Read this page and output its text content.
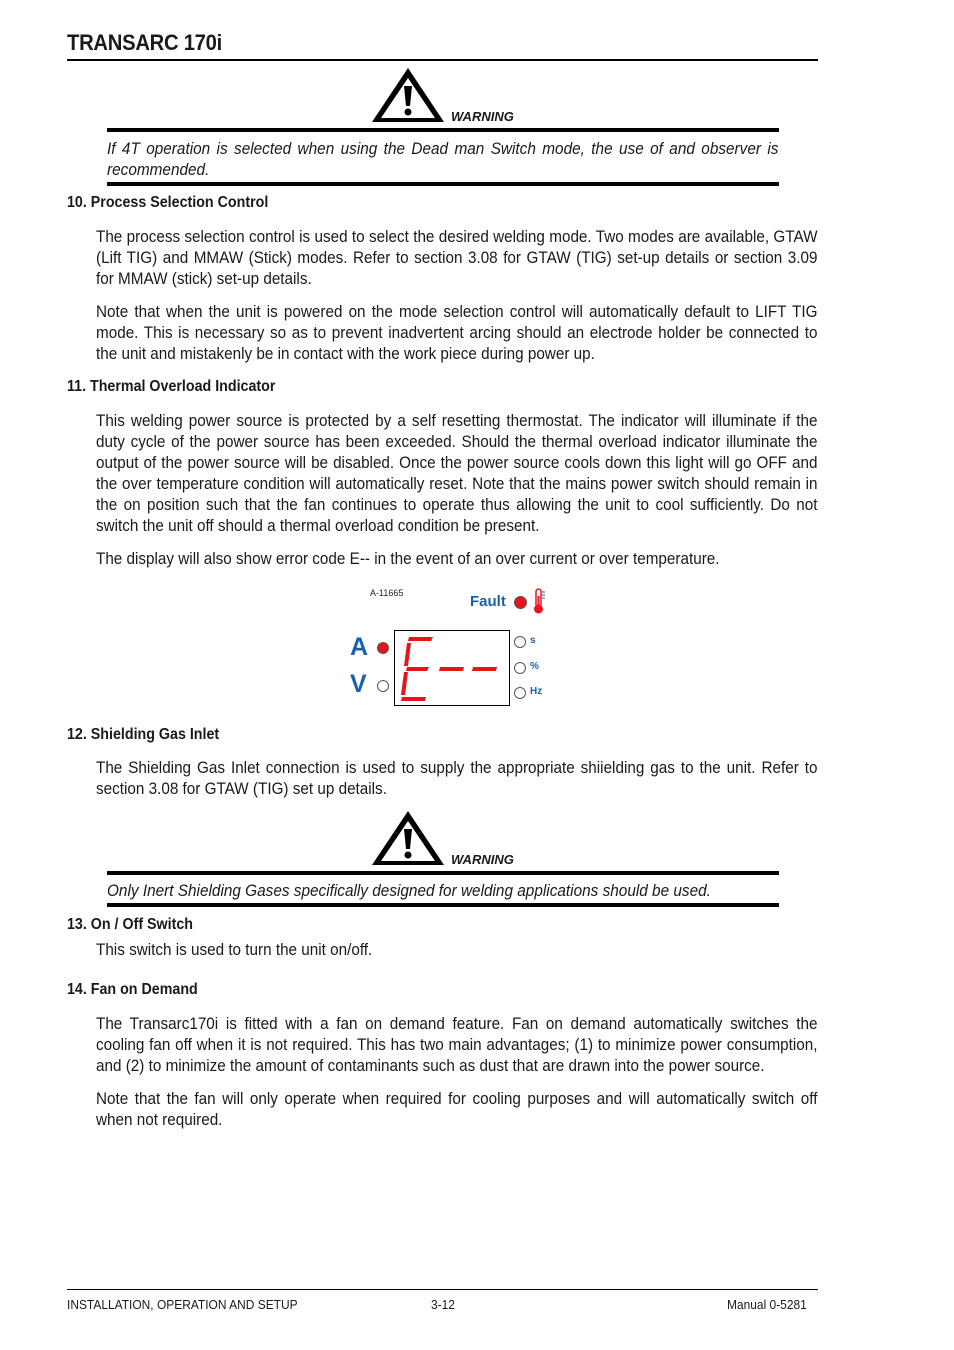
TRANSARC 170i
WARNING
If 4T operation is selected when using the Dead man Switch mode, the use of and observer is recommended.
10. Process Selection Control
The process selection control is used to select the desired welding mode. Two modes are available, GTAW (Lift TIG) and MMAW (Stick) modes. Refer to section 3.08 for GTAW (TIG) set-up details or section 3.09 for MMAW (stick) set-up details.
Note that when the unit is powered on the mode selection control will automatically default to LIFT TIG mode. This is necessary so as to prevent inadvertent arcing should an electrode holder be connected to the unit and mistakenly be in contact with the work piece during power up.
11. Thermal Overload Indicator
This welding power source is protected by a self resetting thermostat. The indicator will illuminate if the duty cycle of the power source has been exceeded. Should the thermal overload indicator illuminate the output of the power source will be disabled. Once the power source cools down this light will go OFF and the over temperature condition will automatically reset. Note that the mains power switch should remain in the on position such that the fan continues to operate thus allowing the unit to cool sufficiently. Do not switch the unit off should a thermal overload condition be present.
The display will also show error code E-- in the event of an over current or over temperature.
A-11665	Fault
A
V
s
%
Hz
12. Shielding Gas Inlet
The Shielding Gas Inlet connection is used to supply the appropriate shiielding gas to the unit. Refer to section 3.08 for GTAW (TIG) set up details.
WARNING
Only Inert Shielding Gases specifically designed for welding applications should be used.
13. On / Off Switch
This switch is used to turn the unit on/off.
14. Fan on Demand
The Transarc170i is fitted with a fan on demand feature. Fan on demand automatically switches the cooling fan off when it is not required. This has two main advantages; (1) to minimize power consumption, and (2) to minimize the amount of contaminants such as dust that are drawn into the power source.
Note that the fan will only operate when required for cooling purposes and will automatically switch off when not required.
INSTALLATION, OPERATION AND SETUP	3-12	Manual 0-5281
